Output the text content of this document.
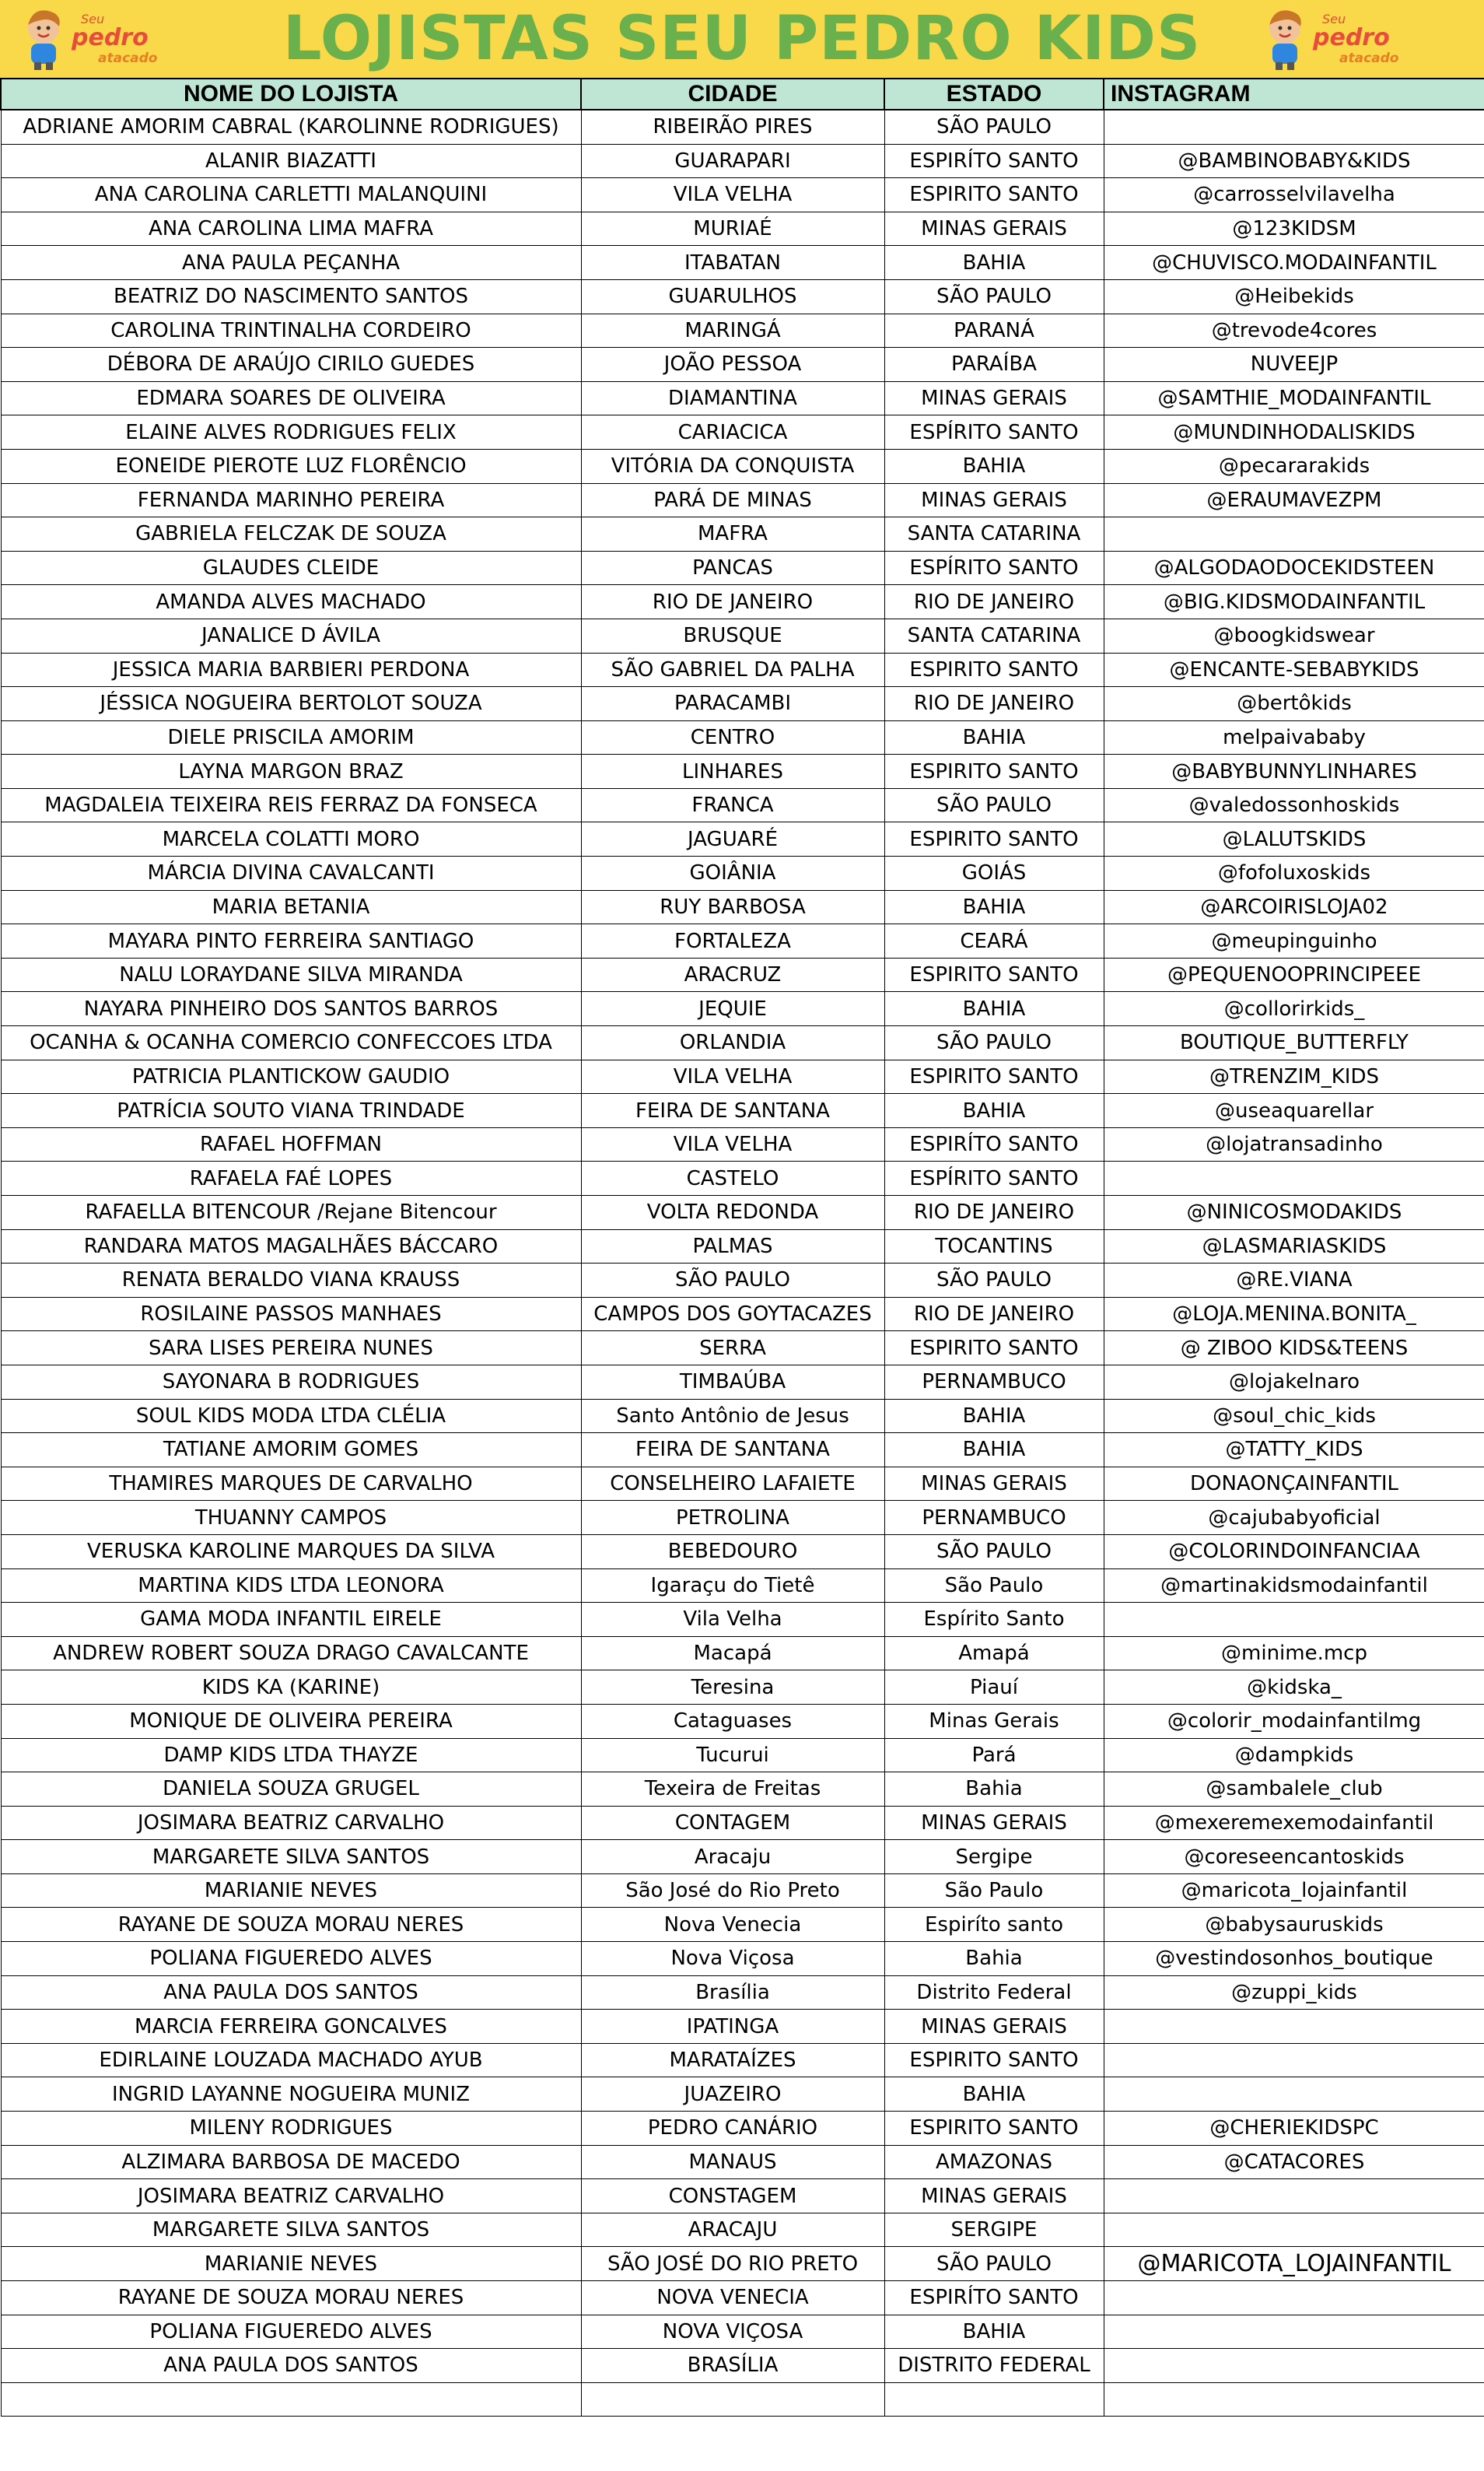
Seu
pedro
atacado	LOJISTAS SEU PEDRO KIDS	Seu
pedro
atacado
NOME DO LOJISTA	CIDADE	ESTADO	INSTAGRAM
ADRIANE AMORIM CABRAL (KAROLINNE RODRIGUES)	RIBEIRÃO PIRES	SÃO PAULO	
ALANIR BIAZATTI	GUARAPARI	ESPIRÍTO SANTO	@BAMBINOBABY&KIDS
ANA CAROLINA CARLETTI MALANQUINI	VILA VELHA	ESPIRITO SANTO	@carrosselvilavelha
ANA CAROLINA LIMA MAFRA	MURIAÉ	MINAS GERAIS	@123KIDSM
ANA PAULA PEÇANHA	ITABATAN	BAHIA	@CHUVISCO.MODAINFANTIL
BEATRIZ DO NASCIMENTO SANTOS	GUARULHOS	SÃO PAULO	@Heibekids
CAROLINA TRINTINALHA CORDEIRO	MARINGÁ	PARANÁ	@trevode4cores
DÉBORA DE ARAÚJO CIRILO GUEDES	JOÃO PESSOA	PARAÍBA	NUVEEJP
EDMARA SOARES DE OLIVEIRA	DIAMANTINA	MINAS GERAIS	@SAMTHIE_MODAINFANTIL
ELAINE ALVES RODRIGUES FELIX	CARIACICA	ESPÍRITO SANTO	@MUNDINHODALISKIDS
EONEIDE PIEROTE LUZ FLORÊNCIO	VITÓRIA DA CONQUISTA	BAHIA	@pecararakids
FERNANDA MARINHO PEREIRA	PARÁ DE MINAS	MINAS GERAIS	@ERAUMAVEZPM
GABRIELA FELCZAK DE SOUZA	MAFRA	SANTA CATARINA	
GLAUDES CLEIDE	PANCAS	ESPÍRITO SANTO	@ALGODAODOCEKIDSTEEN
AMANDA ALVES MACHADO	RIO DE JANEIRO	RIO DE JANEIRO	@BIG.KIDSMODAINFANTIL
JANALICE D ÁVILA	BRUSQUE	SANTA CATARINA	@boogkidswear
JESSICA MARIA BARBIERI PERDONA	SÃO GABRIEL DA PALHA	ESPIRITO SANTO	@ENCANTE-SEBABYKIDS
JÉSSICA NOGUEIRA BERTOLOT SOUZA	PARACAMBI	RIO DE JANEIRO	@bertôkids
DIELE PRISCILA AMORIM	CENTRO	BAHIA	melpaivababy
LAYNA MARGON BRAZ	LINHARES	ESPIRITO SANTO	@BABYBUNNYLINHARES
MAGDALEIA TEIXEIRA REIS FERRAZ DA FONSECA	FRANCA	SÃO PAULO	@valedossonhoskids
MARCELA COLATTI MORO	JAGUARÉ	ESPIRITO SANTO	@LALUTSKIDS
MÁRCIA DIVINA CAVALCANTI	GOIÂNIA	GOIÁS	@fofoluxoskids
MARIA BETANIA	RUY BARBOSA	BAHIA	@ARCOIRISLOJA02
MAYARA PINTO FERREIRA SANTIAGO	FORTALEZA	CEARÁ	@meupinguinho
NALU LORAYDANE SILVA MIRANDA	ARACRUZ	ESPIRITO SANTO	@PEQUENOOPRINCIPEEE
NAYARA PINHEIRO DOS SANTOS BARROS	JEQUIE	BAHIA	@collorirkids_
OCANHA & OCANHA COMERCIO CONFECCOES LTDA	ORLANDIA	SÃO PAULO	BOUTIQUE_BUTTERFLY
PATRICIA PLANTICKOW GAUDIO	VILA VELHA	ESPIRITO SANTO	@TRENZIM_KIDS
PATRÍCIA SOUTO VIANA TRINDADE	FEIRA DE SANTANA	BAHIA	@useaquarellar
RAFAEL HOFFMAN	VILA VELHA	ESPIRÍTO SANTO	@lojatransadinho
RAFAELA FAÉ LOPES	CASTELO	ESPÍRITO SANTO	
RAFAELLA BITENCOUR /Rejane Bitencour	VOLTA REDONDA	RIO DE JANEIRO	@NINICOSMODAKIDS
RANDARA MATOS MAGALHÃES BÁCCARO	PALMAS	TOCANTINS	@LASMARIASKIDS
RENATA BERALDO VIANA KRAUSS	SÃO PAULO	SÃO PAULO	@RE.VIANA
ROSILAINE PASSOS MANHAES	CAMPOS DOS GOYTACAZES	RIO DE JANEIRO	@LOJA.MENINA.BONITA_
SARA LISES PEREIRA NUNES	SERRA	ESPIRITO SANTO	@ ZIBOO KIDS&TEENS
SAYONARA B RODRIGUES	TIMBAÚBA	PERNAMBUCO	@lojakelnaro
SOUL KIDS MODA LTDA CLÉLIA	Santo Antônio de Jesus	BAHIA	@soul_chic_kids
TATIANE AMORIM GOMES	FEIRA DE SANTANA	BAHIA	@TATTY_KIDS
THAMIRES MARQUES DE CARVALHO	CONSELHEIRO LAFAIETE	MINAS GERAIS	DONAONÇAINFANTIL
THUANNY CAMPOS	PETROLINA	PERNAMBUCO	@cajubabyoficial
VERUSKA KAROLINE MARQUES DA SILVA	BEBEDOURO	SÃO PAULO	@COLORINDOINFANCIAA
MARTINA KIDS LTDA LEONORA	Igaraçu do Tietê	São Paulo	@martinakidsmodainfantil
GAMA MODA INFANTIL EIRELE	Vila Velha	Espírito Santo	
ANDREW ROBERT SOUZA DRAGO CAVALCANTE	Macapá	Amapá	@minime.mcp
KIDS KA (KARINE)	Teresina	Piauí	@kidska_
MONIQUE DE OLIVEIRA PEREIRA	Cataguases	Minas Gerais	@colorir_modainfantilmg
DAMP KIDS LTDA THAYZE	Tucurui	Pará	@dampkids
DANIELA SOUZA GRUGEL	Texeira de Freitas	Bahia	@sambalele_club
JOSIMARA BEATRIZ CARVALHO	CONTAGEM	MINAS GERAIS	@mexeremexemodainfantil
MARGARETE SILVA SANTOS	Aracaju	Sergipe	@coreseencantoskids
MARIANIE NEVES	São José do Rio Preto	São Paulo	@maricota_lojainfantil
RAYANE DE SOUZA MORAU NERES	Nova Venecia	Espiríto santo	@babysauruskids
POLIANA FIGUEREDO ALVES	Nova Viçosa	Bahia	@vestindosonhos_boutique
ANA PAULA DOS SANTOS	Brasília	Distrito Federal	@zuppi_kids
MARCIA FERREIRA GONCALVES	IPATINGA	MINAS GERAIS	
EDIRLAINE LOUZADA MACHADO AYUB	MARATAÍZES	ESPIRITO SANTO	
INGRID LAYANNE NOGUEIRA MUNIZ	JUAZEIRO	BAHIA	
MILENY RODRIGUES	PEDRO CANÁRIO	ESPIRITO SANTO	@CHERIEKIDSPC
ALZIMARA BARBOSA DE MACEDO	MANAUS	AMAZONAS	@CATACORES
JOSIMARA BEATRIZ CARVALHO	CONSTAGEM	MINAS GERAIS	
MARGARETE SILVA SANTOS	ARACAJU	SERGIPE	
MARIANIE NEVES	SÃO JOSÉ DO RIO PRETO	SÃO PAULO	@MARICOTA_LOJAINFANTIL
RAYANE DE SOUZA MORAU NERES	NOVA VENECIA	ESPIRÍTO SANTO	
POLIANA FIGUEREDO ALVES	NOVA VIÇOSA	BAHIA	
ANA PAULA DOS SANTOS	BRASÍLIA	DISTRITO FEDERAL	
